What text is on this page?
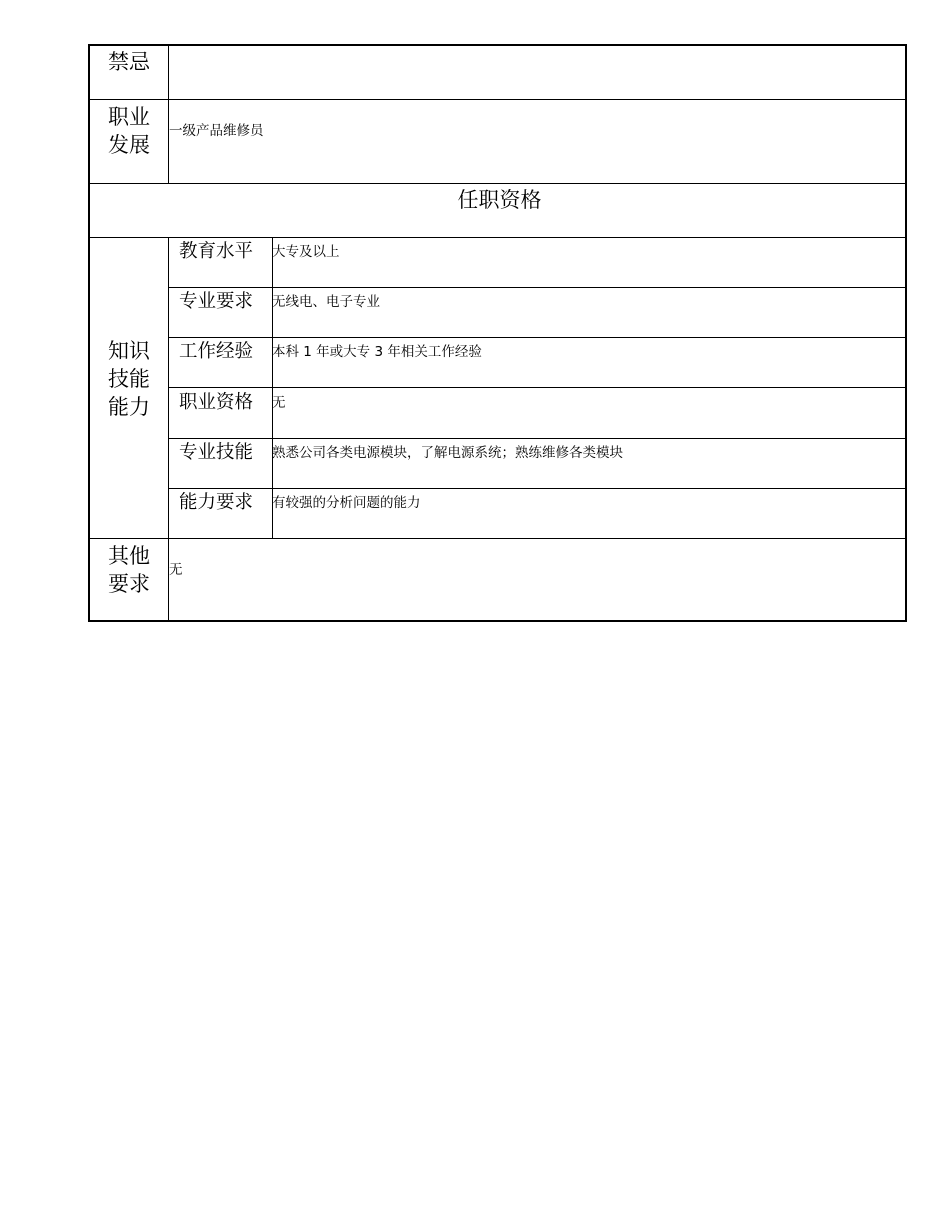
禁忌
职业
发展
一级产品维修员
任职资格
知识
技能
能力
教育水平 大专及以上
专业要求 无线电、电子专业
工作经验 本科 1 年或大专 3 年相关工作经验
职业资格 无
专业技能 熟悉公司各类电源模块，了解电源系统；熟练维修各类模块
能力要求 有较强的分析问题的能力
其他
要求
无
